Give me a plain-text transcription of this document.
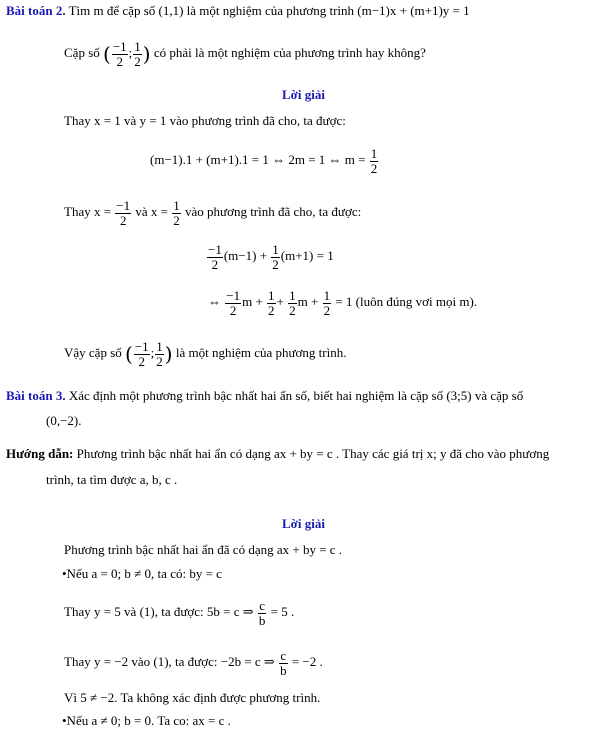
Bài toán 2. Tìm m để cặp số (1,1) là một nghiệm của phương trình (m−1)x + (m+1)y = 1
Cặp số ( $\frac{-1}{2}$ ; $\frac{1}{2}$ ) có phải là một nghiệm của phương trình hay không?
Lời giải
Thay x = 1 và y = 1 vào phương trình đã cho, ta được:
(m−1).1 + (m+1).1 = 1 ⇔ 2m = 1 ⇔ $m = \frac{1}{2}$
Thay $x = \frac{-1}{2}$ và $x = \frac{1}{2}$ vào phương trình đã cho, ta được:
$\frac{-1}{2} (m-1) + \frac{1}{2} (m+1) = 1$
⇔ $\frac{-1}{2}$ $m + \frac{1}{2} + \frac{1}{2}$ $m + \frac{1}{2} = 1$ (luôn đúng vơi mọi m).
Vậy cặp số ( $\frac{-1}{2}$ ; $\frac{1}{2}$ ) là một nghiệm của phương trình.
Bài toán 3. Xác định một phương trình bậc nhất hai ẩn số, biết hai nghiệm là cặp số (3;5) và cặp số
(0,−2).
Hướng dẫn: Phương trình bậc nhất hai ẩn có dạng ax + by = c . Thay các giá trị x; y đã cho vào phương
trình, ta tìm được a, b, c .
Lời giải
Phương trình bậc nhất hai ẩn đã có dạng ax + by = c .
•Nếu a = 0; b ≠ 0, ta có: by = c
Thay y = 5 và (1), ta được: 5b = c ⇒ $\frac{c}{b} = 5$ .
Thay y = −2 vào (1), ta được: −2b = c ⇒ $\frac{c}{b} = -2$ .
Vì 5 ≠ −2. Ta không xác định được phương trình.
•Nếu a ≠ 0; b = 0. Ta co: ax = c .
